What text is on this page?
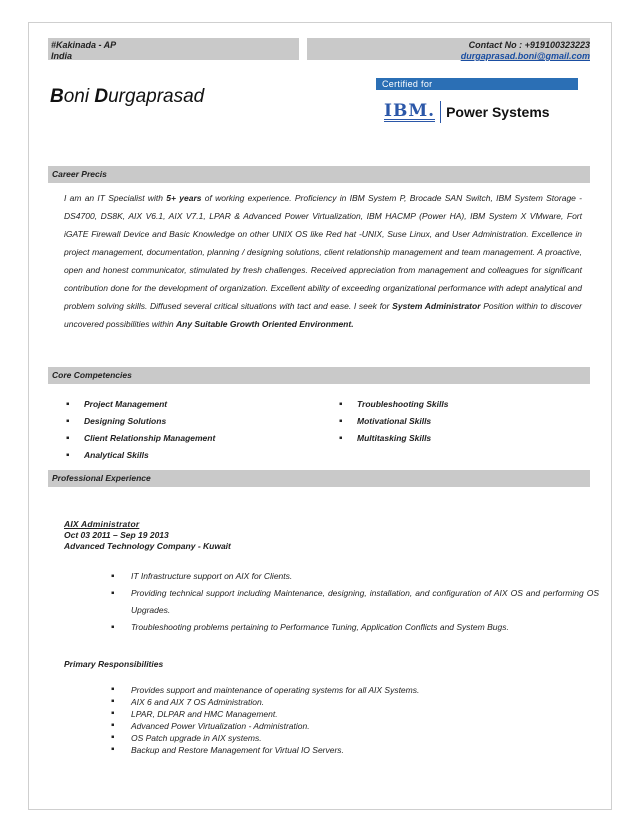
#Kakinada - AP
India
Contact No : +919100323223
durgaprasad.boni@gmail.com
Boni Durgaprasad
Certified for
IBM. Power Systems
Career Precis
I am an IT Specialist with 5+ years of working experience. Proficiency in IBM System P, Brocade SAN Switch, IBM System Storage -DS4700, DS8K, AIX V6.1, AIX V7.1, LPAR & Advanced Power Virtualization, IBM HACMP (Power HA), IBM System X VMware, Fort iGATE Firewall Device and Basic Knowledge on other UNIX OS like Red hat -UNIX, Suse Linux, and User Administration. Excellence in project management, documentation, planning / designing solutions, client relationship management and team management. A proactive, open and honest communicator, stimulated by fresh challenges. Received appreciation from management and colleagues for significant contribution done for the development of organization. Excellent ability of exceeding organizational performance with adept analytical and problem solving skills. Diffused several critical situations with tact and ease. I seek for System Administrator Position within to discover uncovered possibilities within Any Suitable Growth Oriented Environment.
Core Competencies
▪ Project Management
▪ Designing Solutions
▪ Client Relationship Management
▪ Analytical Skills
▪ Troubleshooting Skills
▪ Motivational Skills
▪ Multitasking Skills
Professional Experience
AIX Administrator
Oct 03 2011 – Sep 19 2013
Advanced Technology Company - Kuwait
▪ IT Infrastructure support on AIX for Clients.
▪ Providing technical support including Maintenance, designing, installation, and configuration of AIX OS and performing OS Upgrades.
▪ Troubleshooting problems pertaining to Performance Tuning, Application Conflicts and System Bugs.
Primary Responsibilities
▪ Provides support and maintenance of operating systems for all AIX Systems.
▪ AIX 6 and AIX 7 OS Administration.
▪ LPAR, DLPAR and HMC Management.
▪ Advanced Power Virtualization - Administration.
▪ OS Patch upgrade in AIX systems.
▪ Backup and Restore Management for Virtual IO Servers.
